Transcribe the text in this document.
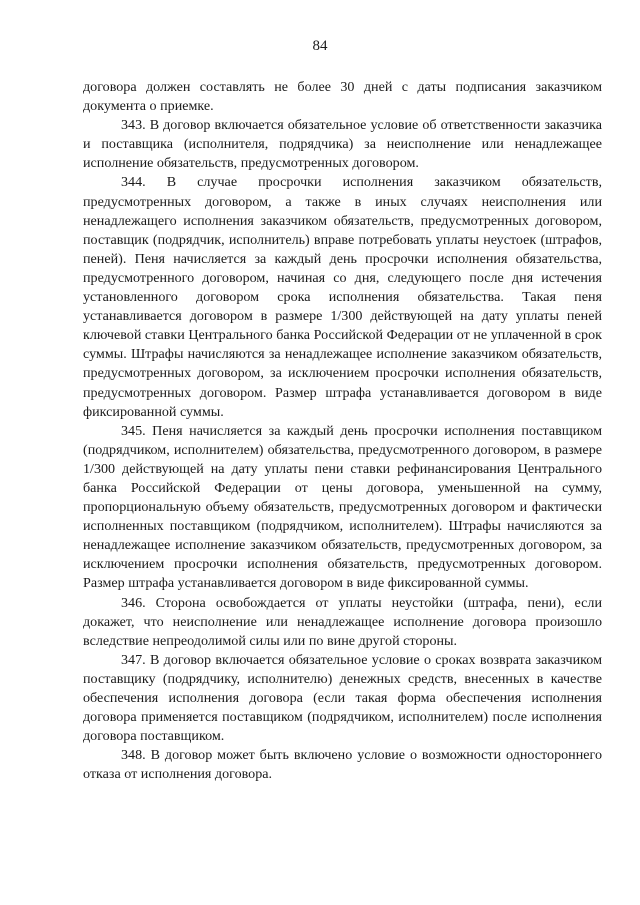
84

договора должен составлять не более 30 дней с даты подписания заказчиком документа о приемке.

343. В договор включается обязательное условие об ответственности заказчика и поставщика (исполнителя, подрядчика) за неисполнение или ненадлежащее исполнение обязательств, предусмотренных договором.

344. В случае просрочки исполнения заказчиком обязательств, предусмотренных договором, а также в иных случаях неисполнения или ненадлежащего исполнения заказчиком обязательств, предусмотренных договором, поставщик (подрядчик, исполнитель) вправе потребовать уплаты неустоек (штрафов, пеней). Пеня начисляется за каждый день просрочки исполнения обязательства, предусмотренного договором, начиная со дня, следующего после дня истечения установленного договором срока исполнения обязательства. Такая пеня устанавливается договором в размере 1/300 действующей на дату уплаты пеней ключевой ставки Центрального банка Российской Федерации от не уплаченной в срок суммы. Штрафы начисляются за ненадлежащее исполнение заказчиком обязательств, предусмотренных договором, за исключением просрочки исполнения обязательств, предусмотренных договором. Размер штрафа устанавливается договором в виде фиксированной суммы.

345. Пеня начисляется за каждый день просрочки исполнения поставщиком (подрядчиком, исполнителем) обязательства, предусмотренного договором, в размере 1/300 действующей на дату уплаты пени ставки рефинансирования Центрального банка Российской Федерации от цены договора, уменьшенной на сумму, пропорциональную объему обязательств, предусмотренных договором и фактически исполненных поставщиком (подрядчиком, исполнителем). Штрафы начисляются за ненадлежащее исполнение заказчиком обязательств, предусмотренных договором, за исключением просрочки исполнения обязательств, предусмотренных договором. Размер штрафа устанавливается договором в виде фиксированной суммы.

346. Сторона освобождается от уплаты неустойки (штрафа, пени), если докажет, что неисполнение или ненадлежащее исполнение договора произошло вследствие непреодолимой силы или по вине другой стороны.

347. В договор включается обязательное условие о сроках возврата заказчиком поставщику (подрядчику, исполнителю) денежных средств, внесенных в качестве обеспечения исполнения договора (если такая форма обеспечения исполнения договора применяется поставщиком (подрядчиком, исполнителем) после исполнения договора поставщиком.

348. В договор может быть включено условие о возможности одностороннего отказа от исполнения договора.
